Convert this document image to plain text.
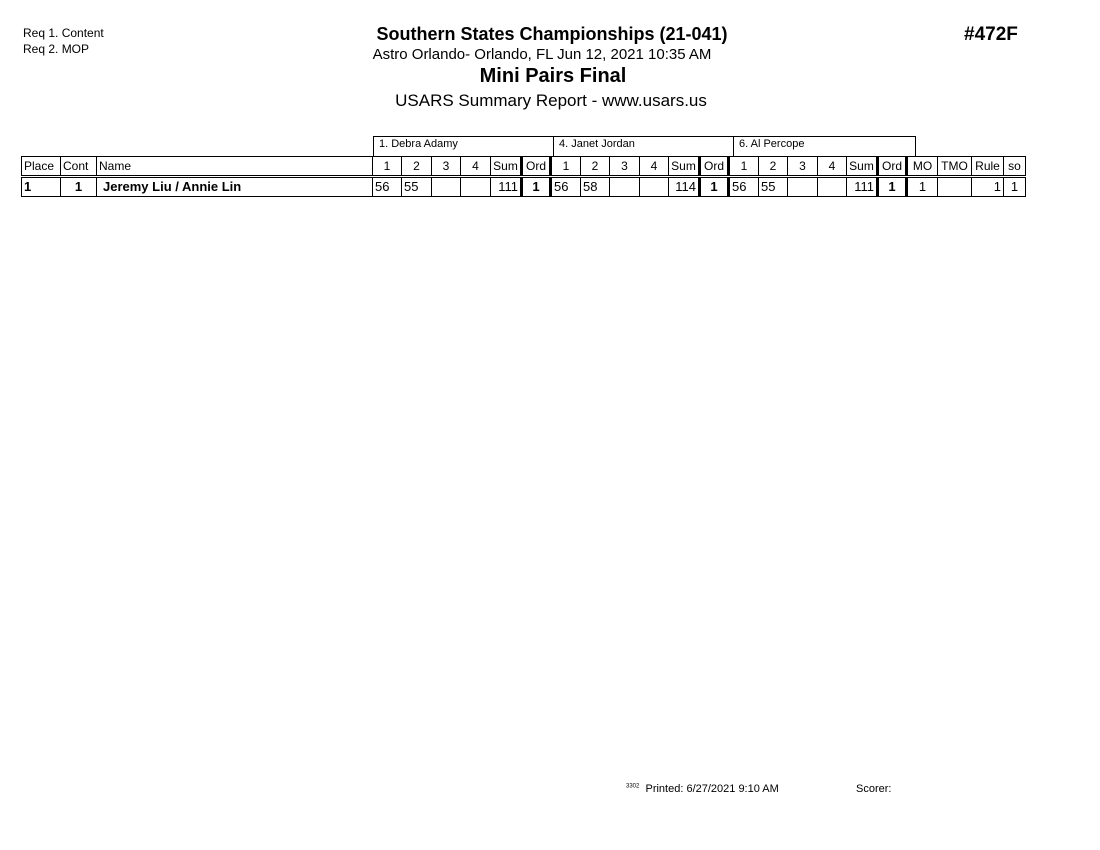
Req 1. Content
Req 2. MOP
Southern States Championships (21-041)
Astro Orlando- Orlando, FL Jun 12, 2021 10:35 AM
Mini Pairs Final
USARS Summary Report - www.usars.us
#472F
1. Debra Adamy	4. Janet Jordan	6. Al Percope
Place	Cont	Name	1	2	3	4	Sum	Ord	1	2	3	4	Sum	Ord	1	2	3	4	Sum	Ord	MO	TMO	Rule	so
1	1	Jeremy Liu / Annie Lin	56	55			111	1	56	58			114	1	56	55			111	1	1		1	1
$^{3302}$ Printed: 6/27/2021 9:10 AM	Scorer:
